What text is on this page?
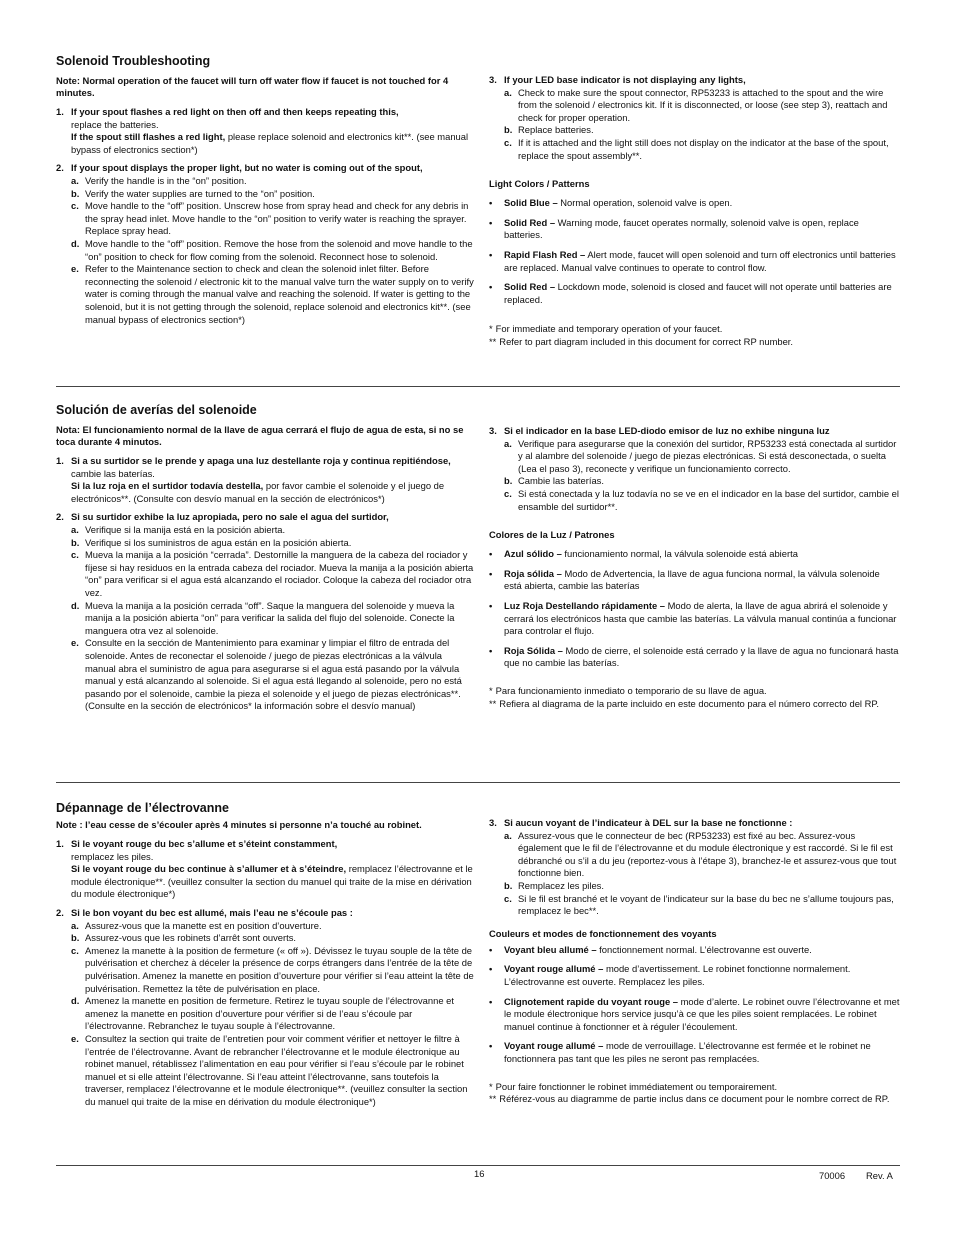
Solenoid Troubleshooting

Note: Normal operation of the faucet will turn off water flow if faucet is not touched for 4 minutes.

1. If your spout flashes a red light on then off and then keeps repeating this,
replace the batteries.
If the spout still flashes a red light, please replace solenoid and electronics kit**. (see manual bypass of electronics section*)
2. If your spout displays the proper light, but no water is coming out of the spout,
a. Verify the handle is in the “on” position.
b. Verify the water supplies are turned to the “on” position.
c. Move handle to the “off” position. Unscrew hose from spray head and check for any debris in the spray head inlet. Move handle to the “on” position to verify water is reaching the sprayer. Replace spray head.
d. Move handle to the “off” position. Remove the hose from the solenoid and move handle to the “on” position to check for flow coming from the solenoid. Reconnect hose to solenoid.
e. Refer to the Maintenance section to check and clean the solenoid inlet filter. Before reconnecting the solenoid / electronic kit to the manual valve turn the water supply on to verify water is coming through the manual valve and reaching the solenoid. If water is getting to the solenoid, but it is not getting through the solenoid, replace solenoid and electronics kit**. (see manual bypass of electronics section*)
3. If your LED base indicator is not displaying any lights,
a. Check to make sure the spout connector, RP53233 is attached to the spout and the wire from the solenoid / electronics kit. If it is disconnected, or loose (see step 3), reattach and check for proper operation.
b. Replace batteries.
c. If it is attached and the light still does not display on the indicator at the base of the spout, replace the spout assembly**.
Light Colors / Patterns
•	Solid Blue – Normal operation, solenoid valve is open.
•	Solid Red – Warning mode, faucet operates normally, solenoid valve is open, replace batteries.
•	Rapid Flash Red – Alert mode, faucet will open solenoid and turn off electronics until batteries are replaced. Manual valve continues to operate to control flow.
•	Solid Red – Lockdown mode, solenoid is closed and faucet will not operate until batteries are replaced.
* For immediate and temporary operation of your faucet.
** Refer to part diagram included in this document for correct RP number.
Solución de averías del solenoide

Nota: El funcionamiento normal de la llave de agua cerrará el flujo de agua de esta, si no se toca durante 4 minutos.

1. Si a su surtidor se le prende y apaga una luz destellante roja y continua repitiéndose, cambie las baterías.
Si la luz roja en el surtidor todavía destella, por favor cambie el solenoide y el juego de electrónicos**. (Consulte con desvío manual en la sección de electrónicos*)
2. Si su surtidor exhibe la luz apropiada, pero no sale el agua del surtidor,
a. Verifique si la manija está en la posición abierta.
b. Verifique si los suministros de agua están en la posición abierta.
c. Mueva la manija a la posición “cerrada”. Destornille la manguera de la cabeza del rociador y fíjese si hay residuos en la entrada cabeza del rociador. Mueva la manija a la posición abierta “on” para verificar si el agua está alcanzando el rociador. Coloque la cabeza del rociador otra vez.
d. Mueva la manija a la posición cerrada “off”. Saque la manguera del solenoide y mueva la manija a la posición abierta “on” para verificar la salida del flujo del solenoide. Conecte la manguera otra vez al solenoide.
e. Consulte en la sección de Mantenimiento para examinar y limpiar el filtro de entrada del solenoide. Antes de reconectar el solenoide / juego de piezas electrónicas a la válvula manual abra el suministro de agua para asegurarse si el agua está pasando por la válvula manual y está alcanzando al solenoide. Si el agua está llegando al solenoide, pero no está pasando por el solenoide, cambie la pieza el solenoide y el juego de piezas electrónicas**. (Consulte en la sección de electrónicos* la información sobre el desvío manual)
3. Si el indicador en la base LED-diodo emisor de luz no exhibe ninguna luz
a. Verifique para asegurarse que la conexión del surtidor, RP53233 está conectada al surtidor y al alambre del solenoide / juego de piezas electrónicas. Si está desconectada, o suelta (Lea el paso 3), reconecte y verifique un funcionamiento correcto.
b. Cambie las baterías.
c. Si está conectada y la luz todavía no se ve en el indicador en la base del surtidor, cambie el ensamble del surtidor**.
Colores de la Luz / Patrones
•	Azul sólido – funcionamiento normal, la válvula solenoide está abierta
•	Roja sólida – Modo de Advertencia, la llave de agua funciona normal, la válvula solenoide está abierta, cambie las baterías
•	Luz Roja Destellando rápidamente – Modo de alerta, la llave de agua abrirá el solenoide y cerrará los electrónicos hasta que cambie las baterías. La válvula manual continúa a funcionar para controlar el flujo.
•	Roja Sólida – Modo de cierre, el solenoide está cerrado y la llave de agua no funcionará hasta que no cambie las baterías.
* Para funcionamiento inmediato o temporario de su llave de agua.
** Refiera al diagrama de la parte incluido en este documento para el número correcto del RP.
Dépannage de l’électrovanne

Note : l’eau cesse de s’écouler après 4 minutes si personne n’a touché au robinet.

1. Si le voyant rouge du bec s’allume et s’éteint constamment,
remplacez les piles.
Si le voyant rouge du bec continue à s’allumer et à s’éteindre, remplacez l’électrovanne et le module électronique**. (veuillez consulter la section du manuel qui traite de la mise en dérivation du module électronique*)
2. Si le bon voyant du bec est allumé, mais l’eau ne s’écoule pas :
a. Assurez-vous que la manette est en position d’ouverture.
b. Assurez-vous que les robinets d’arrêt sont ouverts.
c. Amenez la manette à la position de fermeture (« off »). Dévissez le tuyau souple de la tête de pulvérisation et cherchez à déceler la présence de corps étrangers dans l’entrée de la tête de pulvérisation. Amenez la manette en position d’ouverture pour vérifier si l’eau atteint la tête de pulvérisation. Remettez la tête de pulvérisation en place.
d. Amenez la manette en position de fermeture. Retirez le tuyau souple de l’électrovanne et amenez la manette en position d’ouverture pour vérifier si de l’eau s’écoule par l’électrovanne. Rebranchez le tuyau souple à l’électrovanne.
e. Consultez la section qui traite de l’entretien pour voir comment vérifier et nettoyer le filtre à l’entrée de l’électrovanne. Avant de rebrancher l’électrovanne et le module électronique au robinet manuel, rétablissez l’alimentation en eau pour vérifier si l’eau s’écoule par le robinet manuel et si elle atteint l’électrovanne. Si l’eau atteint l’électrovanne, sans toutefois la traverser, remplacez l’électrovanne et le module électronique**. (veuillez consulter la section du manuel qui traite de la mise en dérivation du module électronique*)
3. Si aucun voyant de l’indicateur à DEL sur la base ne fonctionne :
a. Assurez-vous que le connecteur de bec (RP53233) est fixé au bec. Assurez-vous également que le fil de l’électrovanne et du module électronique y est raccordé. Si le fil est débranché ou s’il a du jeu (reportez-vous à l’étape 3), branchez-le et assurez-vous que tout fonctionne bien.
b. Remplacez les piles.
c. Si le fil est branché et le voyant de l’indicateur sur la base du bec ne s’allume toujours pas, remplacez le bec**.
Couleurs et modes de fonctionnement des voyants
•	Voyant bleu allumé – fonctionnement normal. L’électrovanne est ouverte.
•	Voyant rouge allumé – mode d’avertissement. Le robinet fonctionne normalement. L’électrovanne est ouverte. Remplacez les piles.
•	Clignotement rapide du voyant rouge – mode d’alerte. Le robinet ouvre l’électrovanne et met le module électronique hors service jusqu’à ce que les piles soient remplacées. Le robinet manuel continue à fonctionner et à réguler l’écoulement.
•	Voyant rouge allumé – mode de verrouillage. L’électrovanne est fermée et le robinet ne fonctionnera pas tant que les piles ne seront pas remplacées.
* Pour faire fonctionner le robinet immédiatement ou temporairement.
** Référez-vous au diagramme de partie inclus dans ce document pour le nombre correct de RP.
16	70006 Rev. A
